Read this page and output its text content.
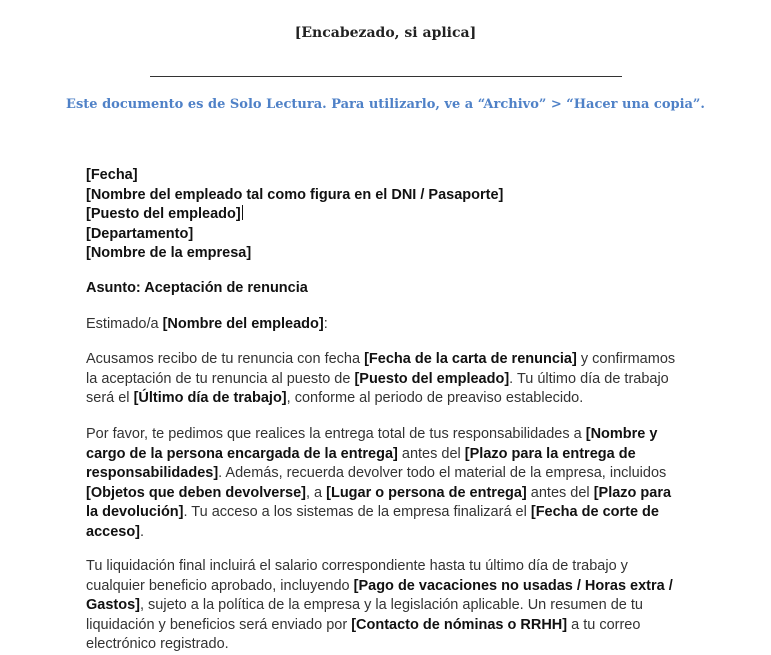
[Encabezado, si aplica]
Este documento es de Solo Lectura. Para utilizarlo, ve a “Archivo” > “Hacer una copia”.
[Fecha]
[Nombre del empleado tal como figura en el DNI / Pasaporte]
[Puesto del empleado]
[Departamento]
[Nombre de la empresa]
Asunto: Aceptación de renuncia
Estimado/a [Nombre del empleado]:
Acusamos recibo de tu renuncia con fecha [Fecha de la carta de renuncia] y confirmamos la aceptación de tu renuncia al puesto de [Puesto del empleado]. Tu último día de trabajo será el [Último día de trabajo], conforme al periodo de preaviso establecido.
Por favor, te pedimos que realices la entrega total de tus responsabilidades a [Nombre y cargo de la persona encargada de la entrega] antes del [Plazo para la entrega de responsabilidades]. Además, recuerda devolver todo el material de la empresa, incluidos [Objetos que deben devolverse], a [Lugar o persona de entrega] antes del [Plazo para la devolución]. Tu acceso a los sistemas de la empresa finalizará el [Fecha de corte de acceso].
Tu liquidación final incluirá el salario correspondiente hasta tu último día de trabajo y cualquier beneficio aprobado, incluyendo [Pago de vacaciones no usadas / Horas extra / Gastos], sujeto a la política de la empresa y la legislación aplicable. Un resumen de tu liquidación y beneficios será enviado por [Contacto de nóminas o RRHH] a tu correo electrónico registrado.
